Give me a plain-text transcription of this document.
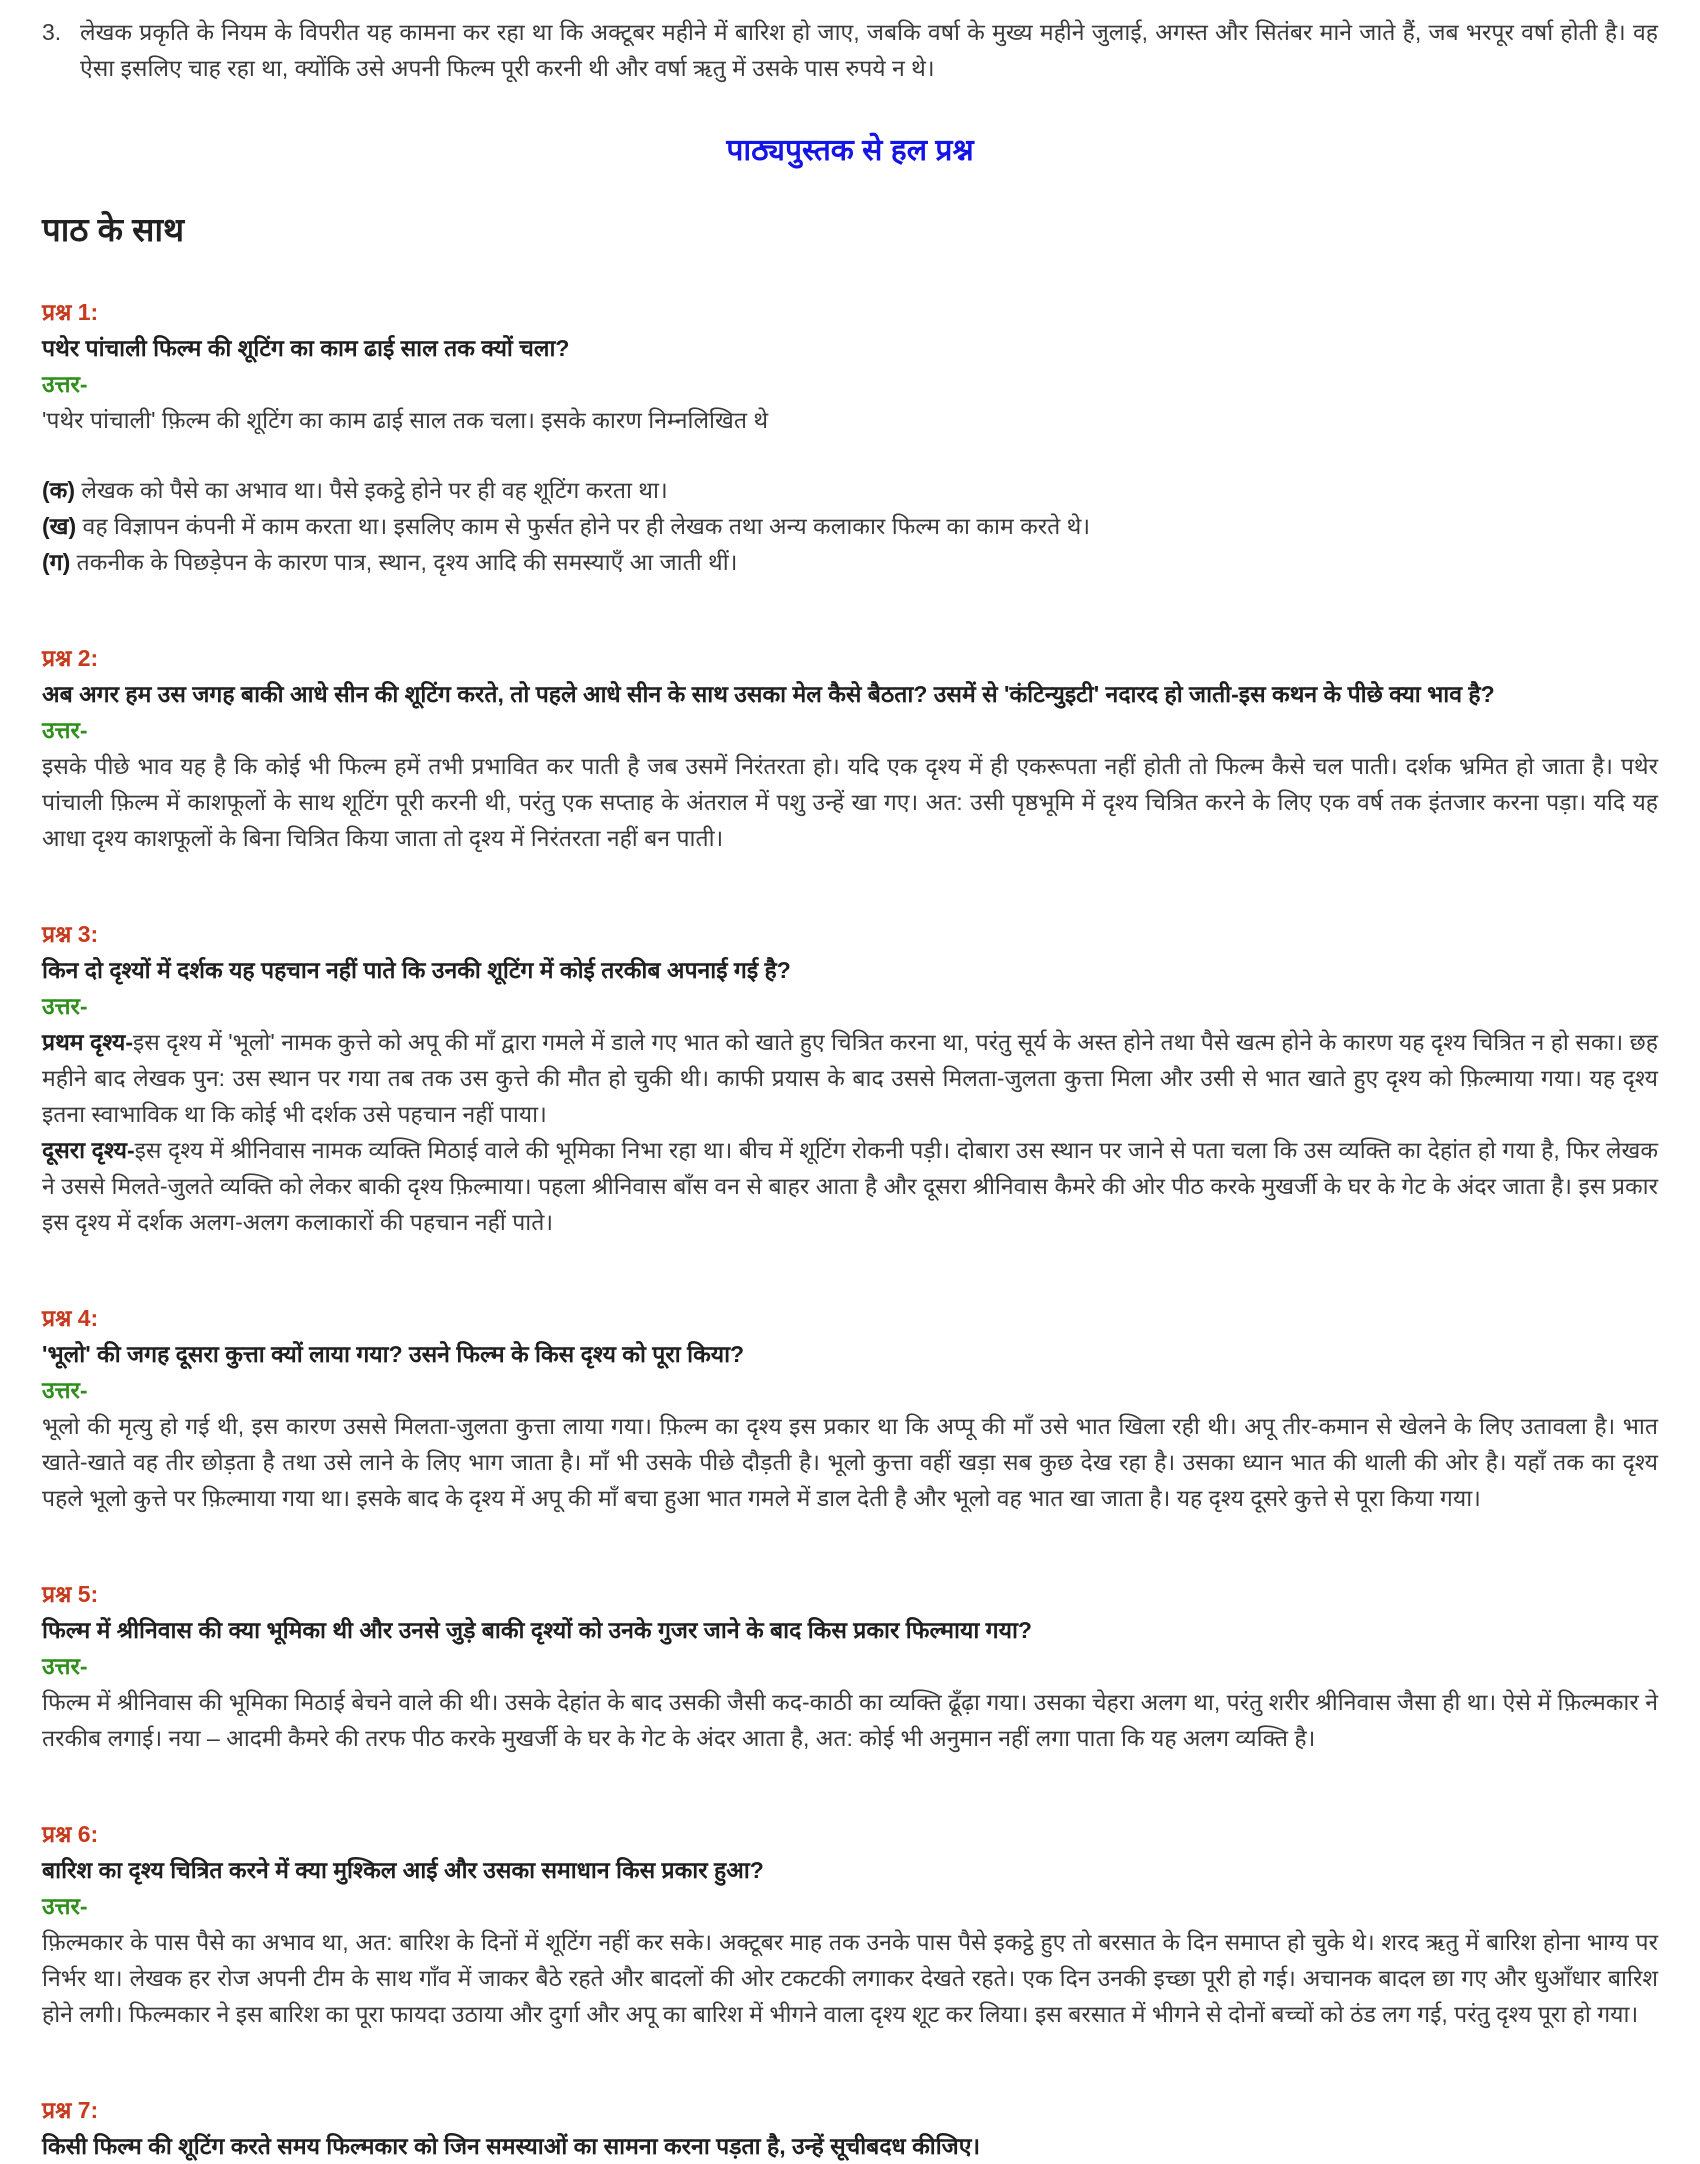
3. लेखक प्रकृति के नियम के विपरीत यह कामना कर रहा था कि अक्टूबर महीने में बारिश हो जाए, जबकि वर्षा के मुख्य महीने जुलाई, अगस्त और सितंबर माने जाते हैं, जब भरपूर वर्षा होती है। वह ऐसा इसलिए चाह रहा था, क्योंकि उसे अपनी फिल्म पूरी करनी थी और वर्षा ऋतु में उसके पास रुपये न थे।
पाठ्यपुस्तक से हल प्रश्न
पाठ के साथ
प्रश्न 1:
पथेर पांचाली फिल्म की शूटिंग का काम ढाई साल तक क्यों चला?
उत्तर-
'पथेर पांचाली' फ़िल्म की शूटिंग का काम ढाई साल तक चला। इसके कारण निम्नलिखित थे
(क) लेखक को पैसे का अभाव था। पैसे इकट्ठे होने पर ही वह शूटिंग करता था।
(ख) वह विज्ञापन कंपनी में काम करता था। इसलिए काम से फुर्सत होने पर ही लेखक तथा अन्य कलाकार फिल्म का काम करते थे।
(ग) तकनीक के पिछड़ेपन के कारण पात्र, स्थान, दृश्य आदि की समस्याएँ आ जाती थीं।
प्रश्न 2:
अब अगर हम उस जगह बाकी आधे सीन की शूटिंग करते, तो पहले आधे सीन के साथ उसका मेल कैसे बैठता? उसमें से 'कंटिन्युइटी' नदारद हो जाती-इस कथन के पीछे क्या भाव है?
उत्तर-
इसके पीछे भाव यह है कि कोई भी फिल्म हमें तभी प्रभावित कर पाती है जब उसमें निरंतरता हो। यदि एक दृश्य में ही एकरूपता नहीं होती तो फिल्म कैसे चल पाती। दर्शक भ्रमित हो जाता है। पथेर पांचाली फ़िल्म में काशफूलों के साथ शूटिंग पूरी करनी थी, परंतु एक सप्ताह के अंतराल में पशु उन्हें खा गए। अत: उसी पृष्ठभूमि में दृश्य चित्रित करने के लिए एक वर्ष तक इंतजार करना पड़ा। यदि यह आधा दृश्य काशफूलों के बिना चित्रित किया जाता तो दृश्य में निरंतरता नहीं बन पाती।
प्रश्न 3:
किन दो दृश्यों में दर्शक यह पहचान नहीं पाते कि उनकी शूटिंग में कोई तरकीब अपनाई गई है?
उत्तर-
प्रथम दृश्य-इस दृश्य में 'भूलो' नामक कुत्ते को अपू की माँ द्वारा गमले में डाले गए भात को खाते हुए चित्रित करना था, परंतु सूर्य के अस्त होने तथा पैसे खत्म होने के कारण यह दृश्य चित्रित न हो सका। छह महीने बाद लेखक पुन: उस स्थान पर गया तब तक उस कुत्ते की मौत हो चुकी थी। काफी प्रयास के बाद उससे मिलता-जुलता कुत्ता मिला और उसी से भात खाते हुए दृश्य को फ़िल्माया गया। यह दृश्य इतना स्वाभाविक था कि कोई भी दर्शक उसे पहचान नहीं पाया।
दूसरा दृश्य-इस दृश्य में श्रीनिवास नामक व्यक्ति मिठाई वाले की भूमिका निभा रहा था। बीच में शूटिंग रोकनी पड़ी। दोबारा उस स्थान पर जाने से पता चला कि उस व्यक्ति का देहांत हो गया है, फिर लेखक ने उससे मिलते-जुलते व्यक्ति को लेकर बाकी दृश्य फ़िल्माया। पहला श्रीनिवास बाँस वन से बाहर आता है और दूसरा श्रीनिवास कैमरे की ओर पीठ करके मुखर्जी के घर के गेट के अंदर जाता है। इस प्रकार इस दृश्य में दर्शक अलग-अलग कलाकारों की पहचान नहीं पाते।
प्रश्न 4:
'भूलो' की जगह दूसरा कुत्ता क्यों लाया गया? उसने फिल्म के किस दृश्य को पूरा किया?
उत्तर-
भूलो की मृत्यु हो गई थी, इस कारण उससे मिलता-जुलता कुत्ता लाया गया। फ़िल्म का दृश्य इस प्रकार था कि अप्पू की माँ उसे भात खिला रही थी। अपू तीर-कमान से खेलने के लिए उतावला है। भात खाते-खाते वह तीर छोड़ता है तथा उसे लाने के लिए भाग जाता है। माँ भी उसके पीछे दौड़ती है। भूलो कुत्ता वहीं खड़ा सब कुछ देख रहा है। उसका ध्यान भात की थाली की ओर है। यहाँ तक का दृश्य पहले भूलो कुत्ते पर फ़िल्माया गया था। इसके बाद के दृश्य में अपू की माँ बचा हुआ भात गमले में डाल देती है और भूलो वह भात खा जाता है। यह दृश्य दूसरे कुत्ते से पूरा किया गया।
प्रश्न 5:
फिल्म में श्रीनिवास की क्या भूमिका थी और उनसे जुड़े बाकी दृश्यों को उनके गुजर जाने के बाद किस प्रकार फिल्माया गया?
उत्तर-
फिल्म में श्रीनिवास की भूमिका मिठाई बेचने वाले की थी। उसके देहांत के बाद उसकी जैसी कद-काठी का व्यक्ति ढूँढ़ा गया। उसका चेहरा अलग था, परंतु शरीर श्रीनिवास जैसा ही था। ऐसे में फ़िल्मकार ने तरकीब लगाई। नया – आदमी कैमरे की तरफ पीठ करके मुखर्जी के घर के गेट के अंदर आता है, अत: कोई भी अनुमान नहीं लगा पाता कि यह अलग व्यक्ति है।
प्रश्न 6:
बारिश का दृश्य चित्रित करने में क्या मुश्किल आई और उसका समाधान किस प्रकार हुआ?
उत्तर-
फ़िल्मकार के पास पैसे का अभाव था, अत: बारिश के दिनों में शूटिंग नहीं कर सके। अक्टूबर माह तक उनके पास पैसे इकट्ठे हुए तो बरसात के दिन समाप्त हो चुके थे। शरद ऋतु में बारिश होना भाग्य पर निर्भर था। लेखक हर रोज अपनी टीम के साथ गाँव में जाकर बैठे रहते और बादलों की ओर टकटकी लगाकर देखते रहते। एक दिन उनकी इच्छा पूरी हो गई। अचानक बादल छा गए और धुआँधार बारिश होने लगी। फिल्मकार ने इस बारिश का पूरा फायदा उठाया और दुर्गा और अपू का बारिश में भीगने वाला दृश्य शूट कर लिया। इस बरसात में भीगने से दोनों बच्चों को ठंड लग गई, परंतु दृश्य पूरा हो गया।
प्रश्न 7:
किसी फिल्म की शूटिंग करते समय फिल्मकार को जिन समस्याओं का सामना करना पड़ता है, उन्हें सूचीबदध कीजिए।
